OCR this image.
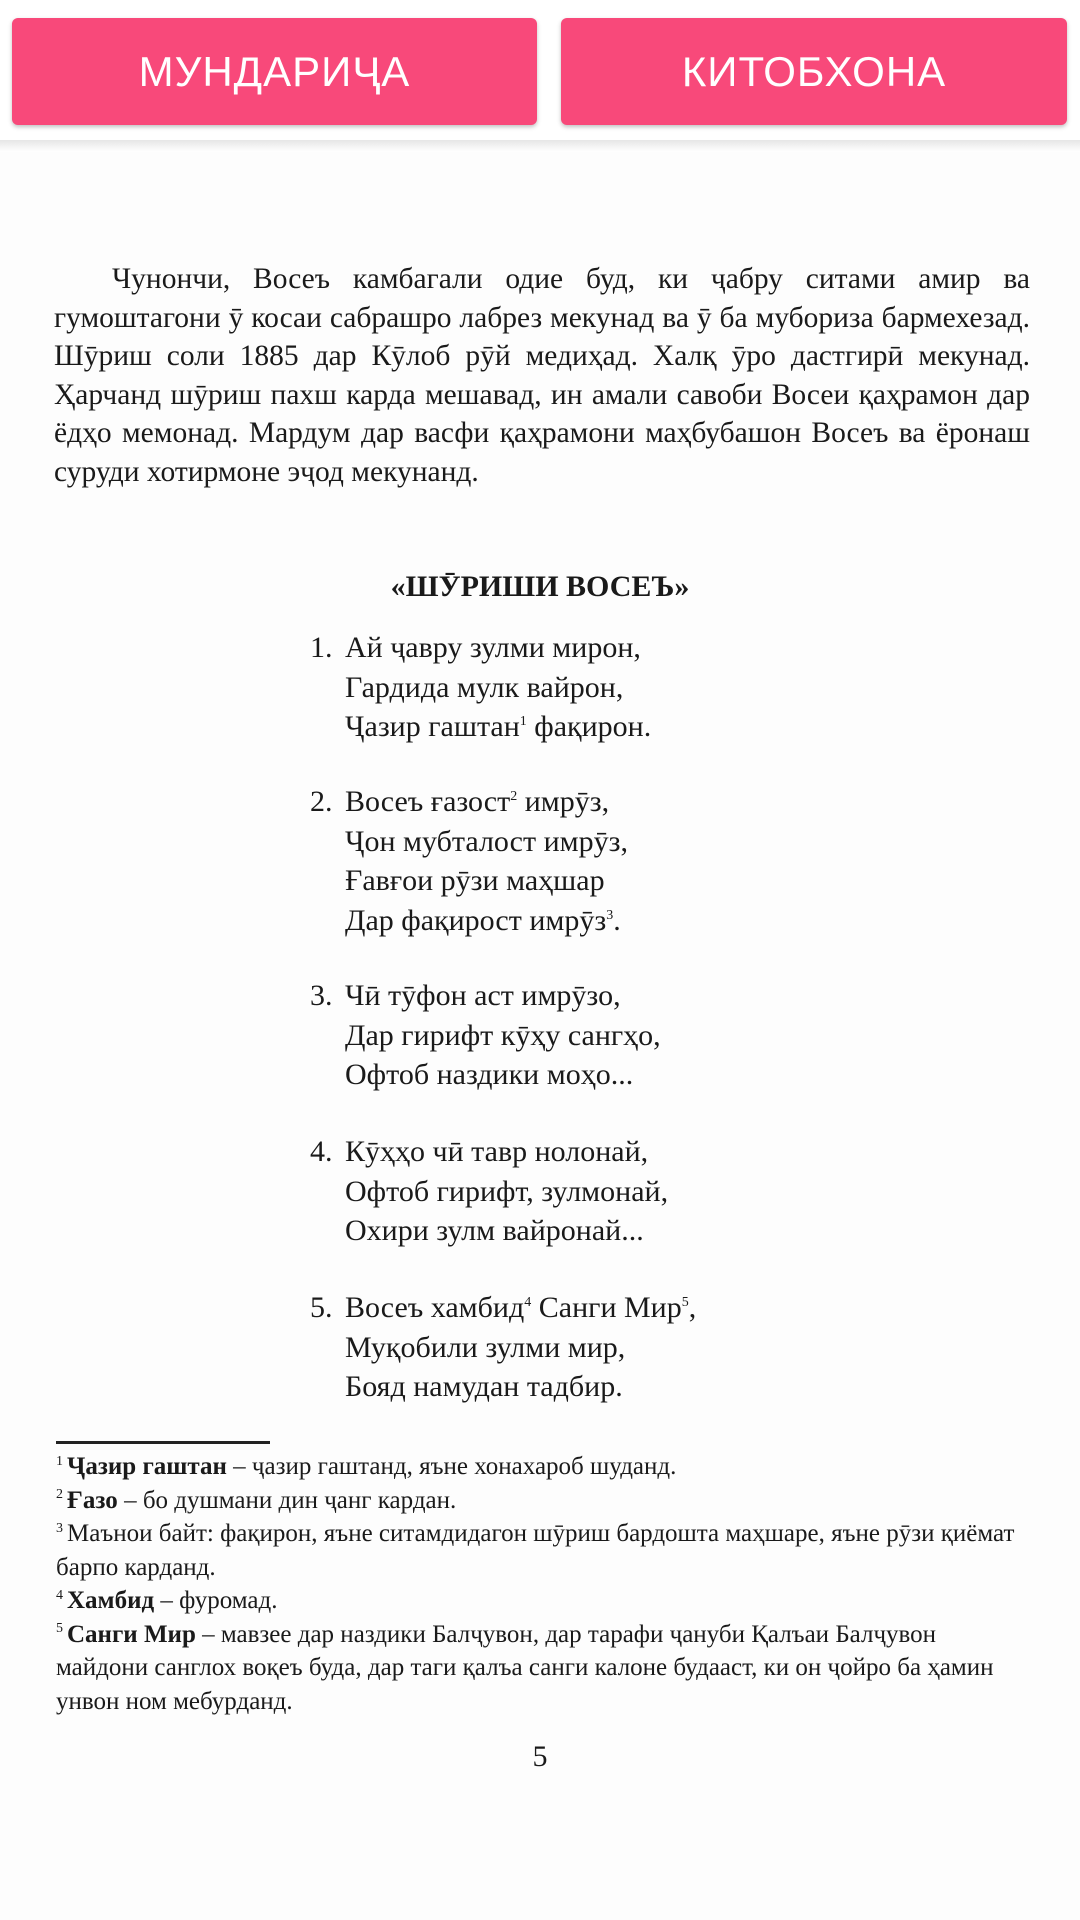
МУНДАРИҶА	КИТОБХОНА
Чунончи, Восеъ камбагали одие буд, ки ҷабру ситами амир ва гумоштагони ӯ косаи сабрашро лабрез мекунад ва ӯ ба мубориза бармехезад. Шӯриш соли 1885 дар Кӯлоб рӯй медиҳад. Халқ ӯро дастгирӣ мекунад. Ҳарчанд шӯриш пахш карда мешавад, ин амали савоби Восеи қаҳрамон дар ёдҳо мемонад. Мардум дар васфи қаҳрамони маҳбубашон Восеъ ва ёронаш суруди хотирмоне эҷод мекунанд.
«ШӮРИШИ ВОСЕЪ»
1. Ай ҷавру зулми мирон,
Гардида мулк вайрон,
Ҷазир гаштан$^1$ фақирон.
2. Восеъ ғазост$^2$ имрӯз,
Ҷон мубталост имрӯз,
Ғавғои рӯзи маҳшар
Дар фақирост имрӯз$^3$.
3. Чӣ тӯфон аст имрӯзо,
Дар гирифт кӯҳу сангҳо,
Офтоб наздики моҳо...
4. Кӯҳҳо чӣ тавр нолонай,
Офтоб гирифт, зулмонай,
Охири зулм вайронай...
5. Восеъ хамбид$^4$ Санги Мир$^5$,
Муқобили зулми мир,
Бояд намудан тадбир.

$^1$ Ҷазир гаштан – ҷазир гаштанд, яъне хонахароб шуданд.

$^2$ Ғазо – бо душмани дин ҷанг кардан.

$^3$ Маънои байт: фақирон, яъне ситамдидагон шӯриш бардошта маҳшаре, яъне рӯзи қиёмат барпо карданд.

$^4$ Хамбид – фуромад.

$^5$ Санги Мир – мавзее дар наздики Балҷувон, дар тарафи ҷануби Қалъаи Балҷувон майдони санглох воқеъ буда, дар таги қалъа санги калоне будааст, ки он ҷойро ба ҳамин унвон ном мебурданд.

5
